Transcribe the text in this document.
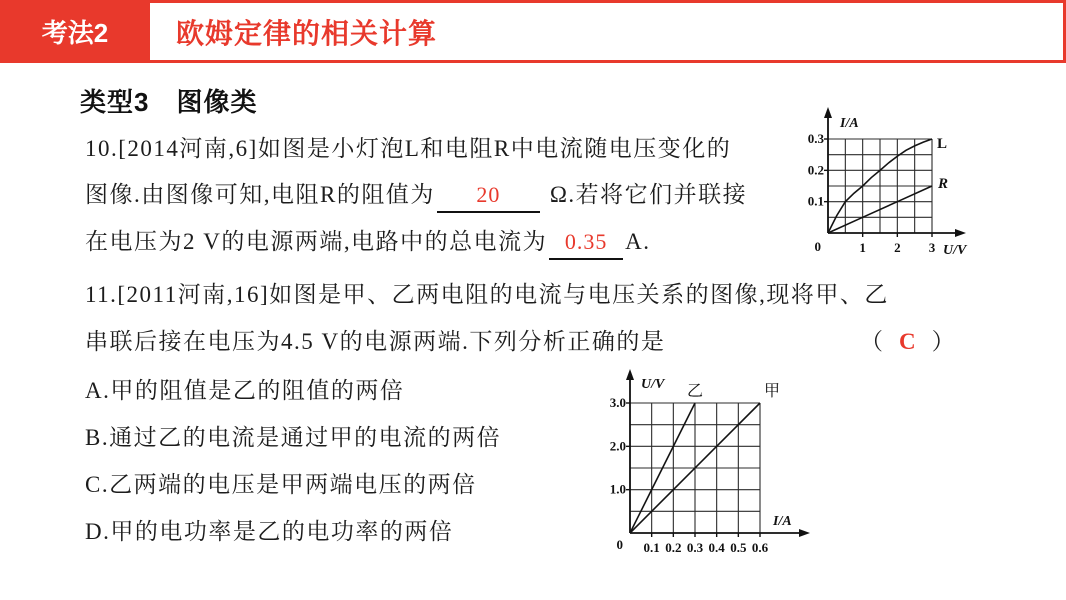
考法2 欧姆定律的相关计算
类型3　图像类
10.[2014河南,6]如图是小灯泡L和电阻R中电流随电压变化的
图像.由图像可知,电阻R的阻值为 20 Ω.若将它们并联接
在电压为2 V的电源两端,电路中的总电流为 0.35 A.	1 2 3
0.1
0.2
0.3
0	U/V
I/A
L
R
11.[2011河南,16]如图是甲、乙两电阻的电流与电压关系的图像,现将甲、乙
串联后接在电压为4.5 V的电源两端.下列分析正确的是	（ C ）
A.甲的阻值是乙的阻值的两倍
B.通过乙的电流是通过甲的电流的两倍
C.乙两端的电压是甲两端电压的两倍
D.甲的电功率是乙的电功率的两倍
0.1 0.2 0.3 0.4 0.5 0.6
1.0
2.0
3.0
0
I/A
U/V 乙	甲
